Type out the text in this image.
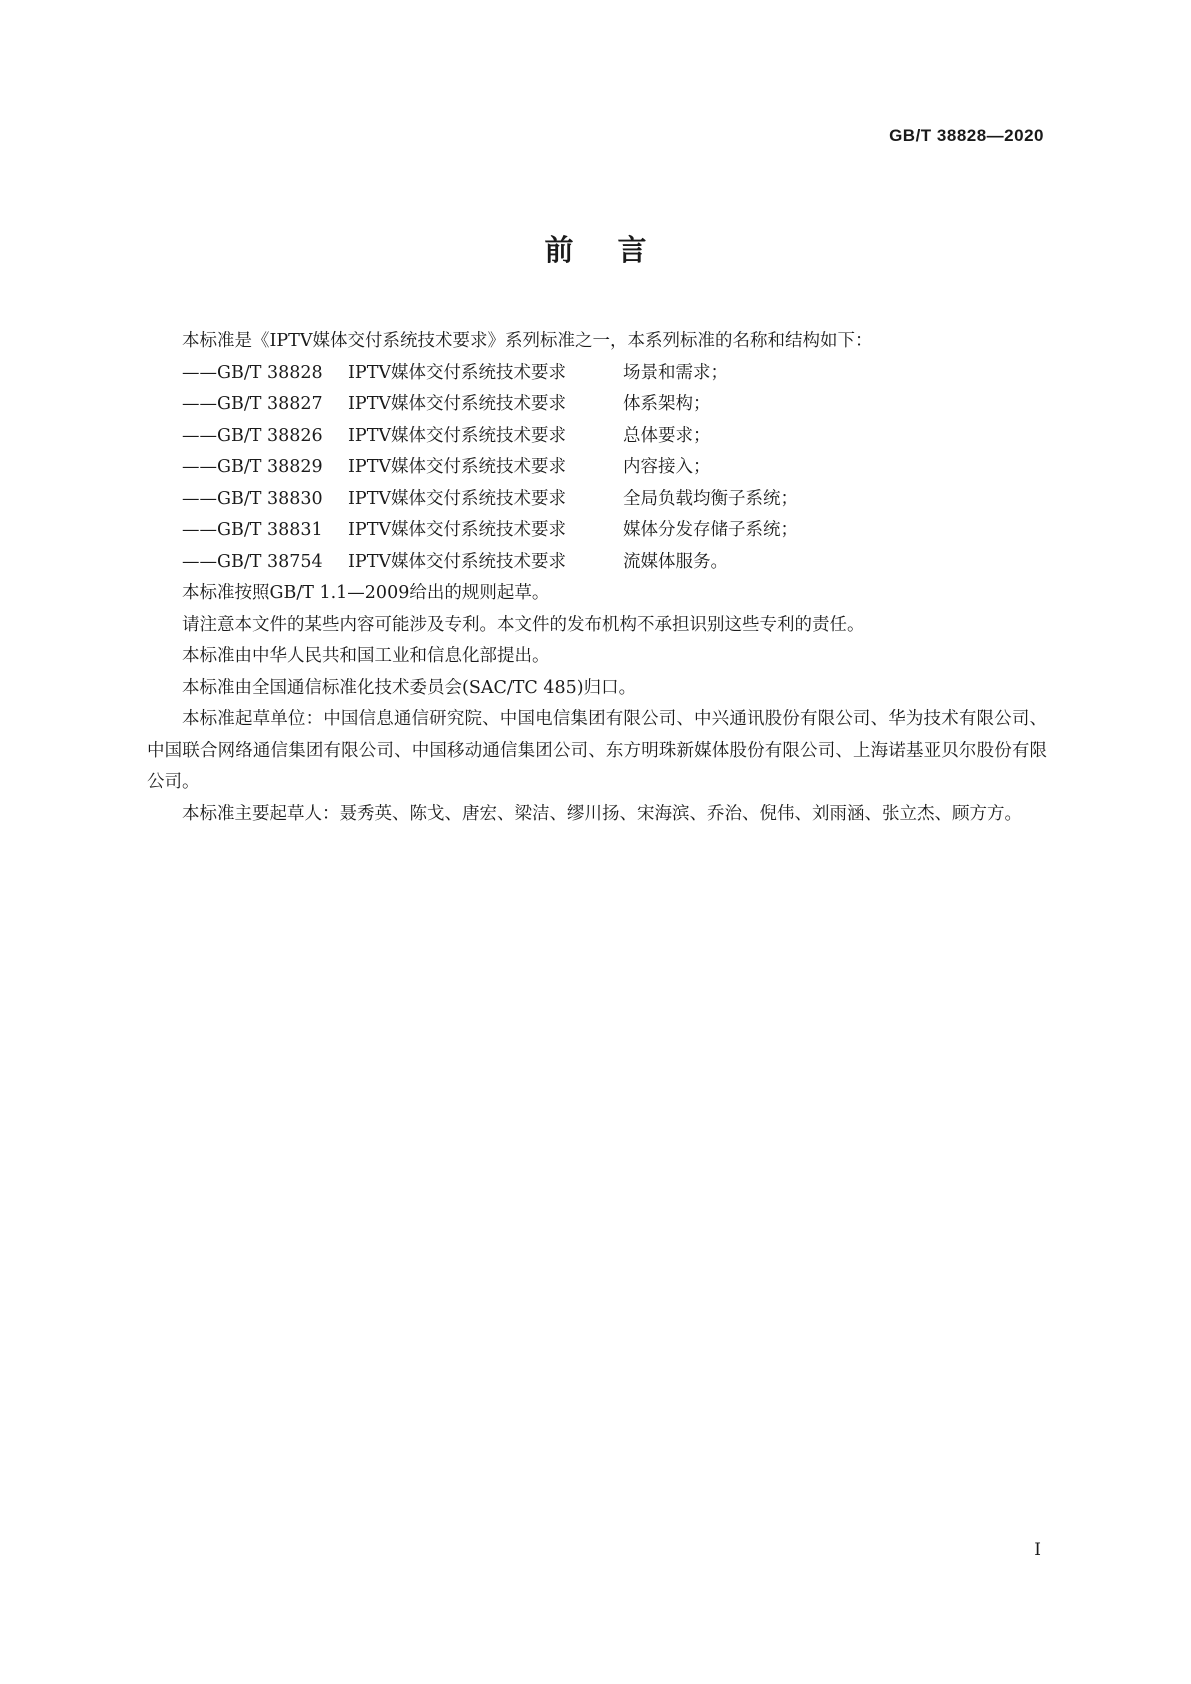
GB/T 38828—2020
前言

本标准是《IPTV媒体交付系统技术要求》系列标准之一，本系列标准的名称和结构如下：

——GB/T 38828	IPTV媒体交付系统技术要求	场景和需求；
——GB/T 38827	IPTV媒体交付系统技术要求	体系架构；
——GB/T 38826	IPTV媒体交付系统技术要求	总体要求；
——GB/T 38829	IPTV媒体交付系统技术要求	内容接入；
——GB/T 38830	IPTV媒体交付系统技术要求	全局负载均衡子系统；
——GB/T 38831	IPTV媒体交付系统技术要求	媒体分发存储子系统；
——GB/T 38754	IPTV媒体交付系统技术要求	流媒体服务。

本标准按照GB/T 1.1—2009给出的规则起草。

请注意本文件的某些内容可能涉及专利。本文件的发布机构不承担识别这些专利的责任。

本标准由中华人民共和国工业和信息化部提出。

本标准由全国通信标准化技术委员会(SAC/TC 485)归口。

本标准起草单位：中国信息通信研究院、中国电信集团有限公司、中兴通讯股份有限公司、华为技术有限公司、中国联合网络通信集团有限公司、中国移动通信集团公司、东方明珠新媒体股份有限公司、上海诺基亚贝尔股份有限公司。

本标准主要起草人：聂秀英、陈戈、唐宏、梁洁、缪川扬、宋海滨、乔治、倪伟、刘雨涵、张立杰、顾方方。

I
